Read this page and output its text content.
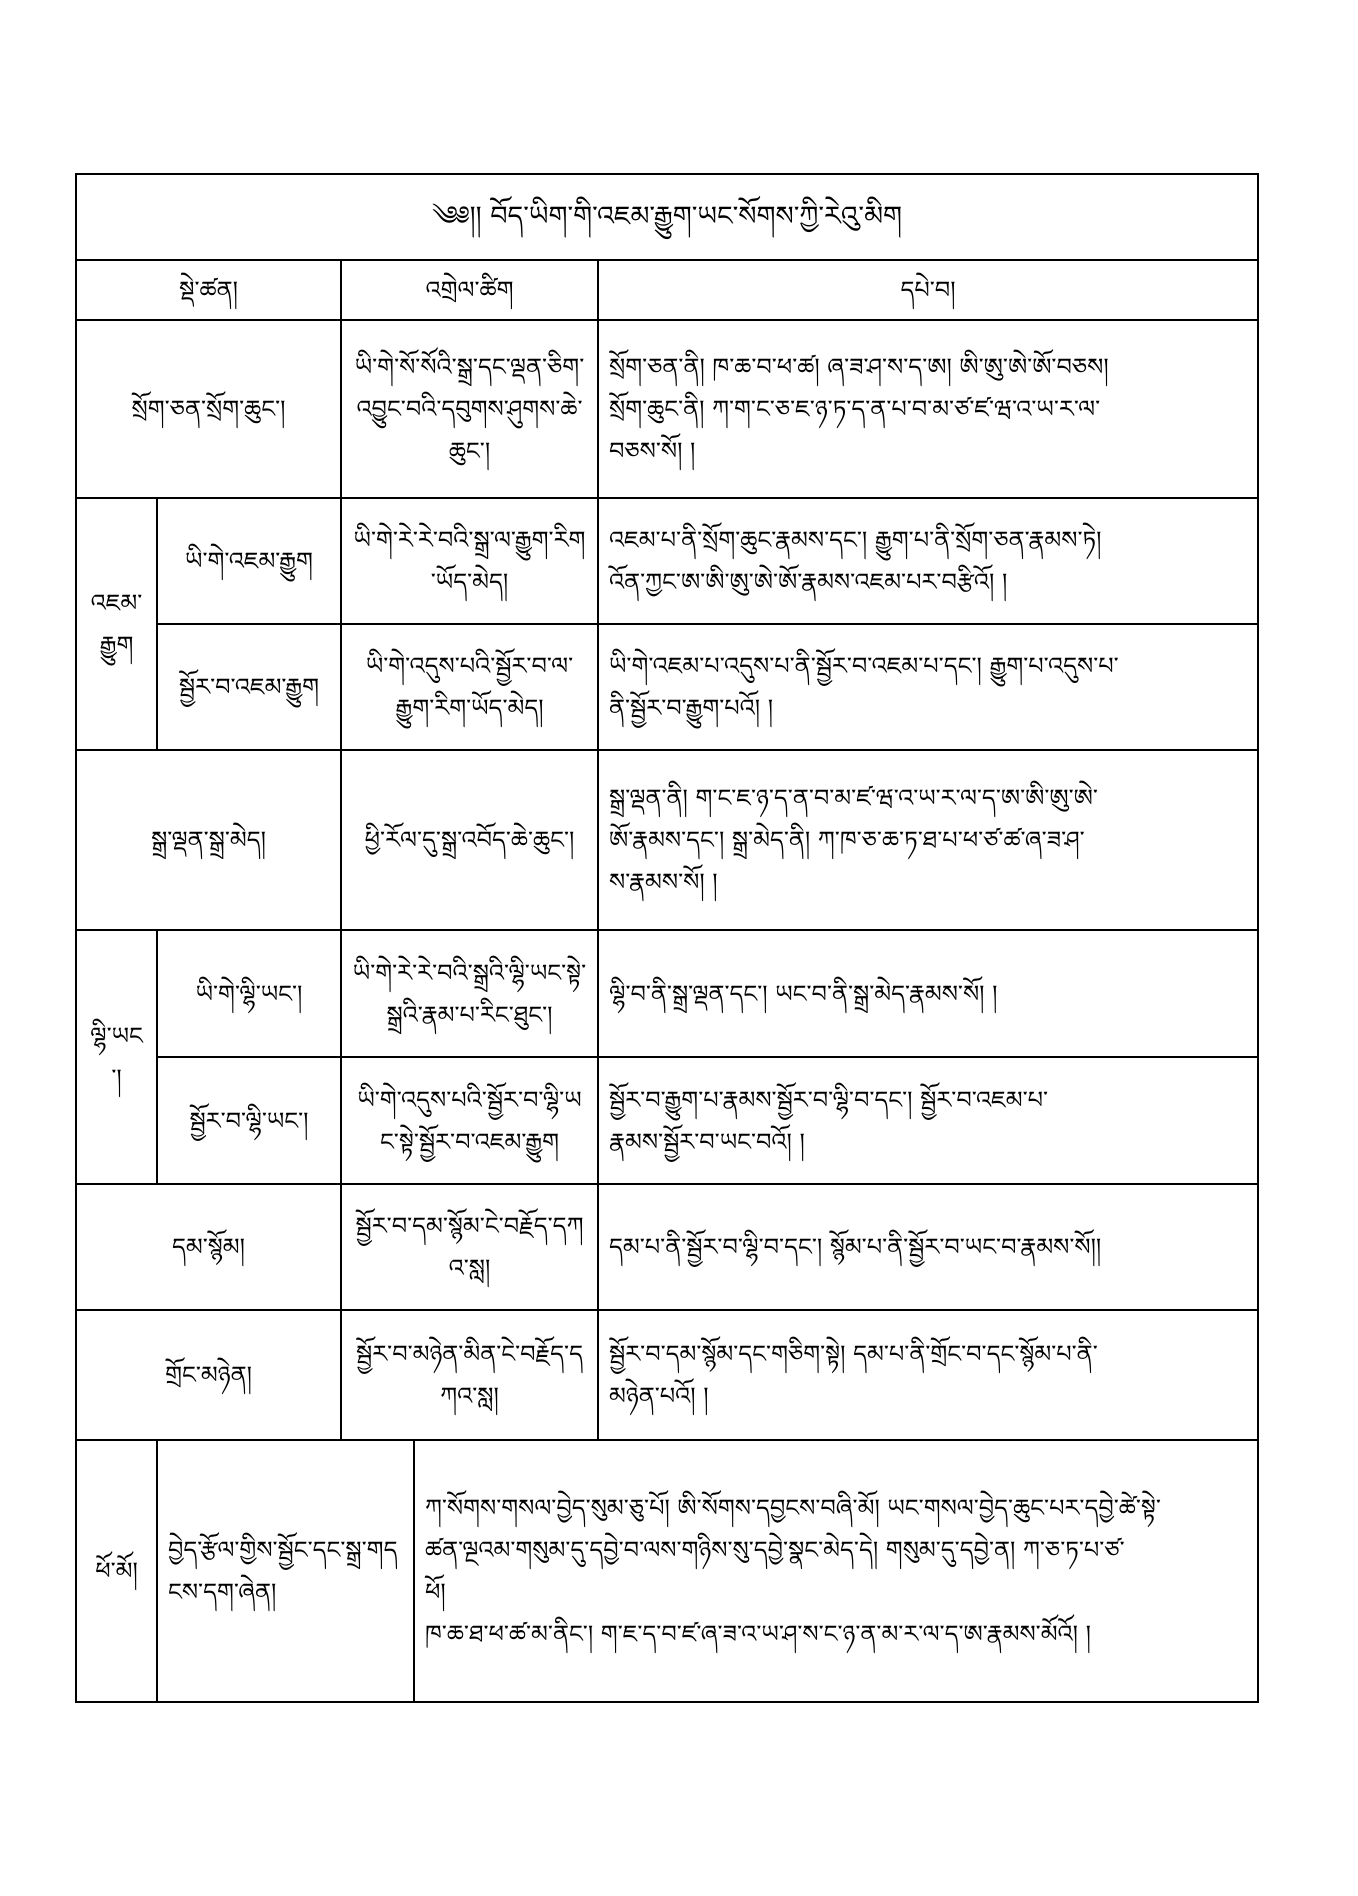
༄༅།། བོད་ཡིག་གི་འཇམ་རྒྱུག་ཡང་སོགས་ཀྱི་རེའུ་མིག				
སྡེ་ཚན།		འགྲེལ་ཚིག		དཔེ་བ།
སྲོག་ཅན་སྲོག་ཆུང་།		ཡི་གེ་སོ་སོའི་སྒྲ་དང་ལྡན་ཅིག་འབྱུང་བའི་དབུགས་ཤུགས་ཆེ་ཆུང་།		སྲོག་ཅན་ནི། ཁ་ཆ་བ་ཕ་ཚ། ཞ་ཟ་ཤ་ས་ད་ཨ། ཨི་ཨུ་ཨེ་ཨོ་བཅས།
སྲོག་ཆུང་ནི། ཀ་ག་ང་ཅ་ཇ་ཉ་ཏ་ད་ན་པ་བ་མ་ཙ་ཛ་ཝ་འ་ཡ་ར་ལ་
བཅས་སོ། །

འཇམ་རྒྱུག	ཡི་གེ་འཇམ་རྒྱུག	ཡི་གེ་རེ་རེ་བའི་སྒྲ་ལ་རྒྱུག་རིག་ཡོད་མེད།		འཇམ་པ་ནི་སྲོག་ཆུང་རྣམས་དང་། རྒྱུག་པ་ནི་སྲོག་ཅན་རྣམས་ཏེ།
འོན་ཀྱང་ཨ་ཨི་ཨུ་ཨེ་ཨོ་རྣམས་འཇམ་པར་བརྩིའོ། །

	སྦྱོར་བ་འཇམ་རྒྱུག	ཡི་གེ་འདུས་པའི་སྦྱོར་བ་ལ་རྒྱུག་རིག་ཡོད་མེད།		ཡི་གེ་འཇམ་པ་འདུས་པ་ནི་སྦྱོར་བ་འཇམ་པ་དང་། རྒྱུག་པ་འདུས་པ་
ནི་སྦྱོར་བ་རྒྱུག་པའོ། །

སྒྲ་ལྡན་སྒྲ་མེད།		ཕྱི་རོལ་དུ་སྒྲ་འབོད་ཆེ་ཆུང་།		སྒྲ་ལྡན་ནི། ག་ང་ཇ་ཉ་ད་ན་བ་མ་ཛ་ཝ་འ་ཡ་ར་ལ་ད་ཨ་ཨི་ཨུ་ཨེ་
ཨོ་རྣམས་དང་། སྒྲ་མེད་ནི། ཀ་ཁ་ཅ་ཆ་ཏ་ཐ་པ་ཕ་ཙ་ཚ་ཞ་ཟ་ཤ་
ས་རྣམས་སོ། །

ལྷི་ཡང་།	ཡི་གེ་ལྷི་ཡང་།	ཡི་གེ་རེ་རེ་བའི་སྒྲའི་ལྷི་ཡང་སྟེ་སྒྲའི་རྣམ་པ་རིང་ཐུང་།		ལྷི་བ་ནི་སྒྲ་ལྡན་དང་། ཡང་བ་ནི་སྒྲ་མེད་རྣམས་སོ། །

	སྦྱོར་བ་ལྷི་ཡང་།	ཡི་གེ་འདུས་པའི་སྦྱོར་བ་ལྷི་ཡང་སྟེ་སྦྱོར་བ་འཇམ་རྒྱུག		སྦྱོར་བ་རྒྱུག་པ་རྣམས་སྦྱོར་བ་ལྷི་བ་དང་། སྦྱོར་བ་འཇམ་པ་
རྣམས་སྦྱོར་བ་ཡང་བའོ། །

དམ་སྙོམ།		སྦྱོར་བ་དམ་སྙོམ་ངེ་བརྗོད་དཀའ་སླ།		དམ་པ་ནི་སྦྱོར་བ་ལྷི་བ་དང་། སྙོམ་པ་ནི་སྦྱོར་བ་ཡང་བ་རྣམས་སོ།།

གྲོང་མཉེན།		སྦྱོར་བ་མཉེན་མིན་ངེ་བརྗོད་དཀའ་སླ།		སྦྱོར་བ་དམ་སྙོམ་དང་གཅིག་སྟེ། དམ་པ་ནི་གྲོང་བ་དང་སྙོམ་པ་ནི་
མཉེན་པའོ། །

ཕོ་མོ།	བྱེད་རྩོལ་གྱིས་སྦྱོང་དང་སྒྲ་གདངས་དག་ཞེན།		ཀ་སོགས་གསལ་བྱེད་སུམ་ཅུ་པོ། ཨི་སོགས་དབྱངས་བཞི་མོ། ཡང་གསལ་བྱེད་ཆུང་པར་དབྱེ་ཚེ་སྟེ་
ཚན་ལྔའམ་གསུམ་དུ་དབྱེ་བ་ལས་གཉིས་སུ་དབྱེ་སྣང་མེད་དེ། གསུམ་དུ་དབྱེ་ན། ཀ་ཅ་ཏ་པ་ཙ་
ཕོ།
ཁ་ཆ་ཐ་ཕ་ཚ་མ་ནིང་། ག་ཇ་ད་བ་ཛ་ཞ་ཟ་འ་ཡ་ཤ་ས་ང་ཉ་ན་མ་ར་ལ་ད་ཨ་རྣམས་མོའོ། །	
